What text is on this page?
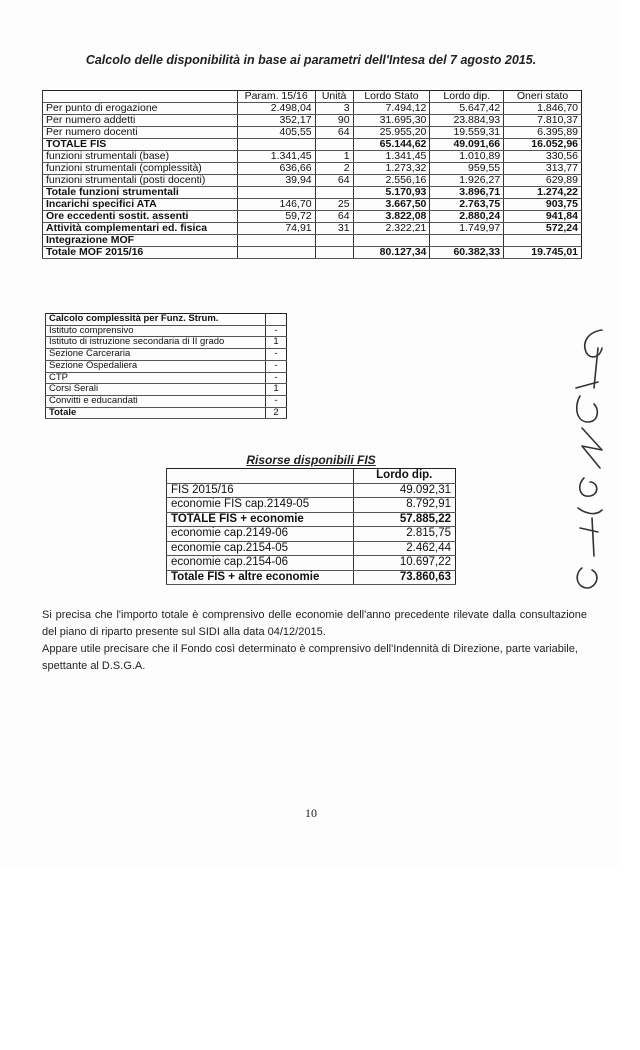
Calcolo delle disponibilità in base ai parametri dell'Intesa del 7 agosto 2015.
	Param. 15/16	Unità	Lordo Stato	Lordo dip.	Oneri stato
Per punto di erogazione	2.498,04	3	7.494,12	5.647,42	1.846,70
Per numero addetti	352,17	90	31.695,30	23.884,93	7.810,37
Per numero docenti	405,55	64	25.955,20	19.559,31	6.395,89
TOTALE FIS			65.144,62	49.091,66	16.052,96
funzioni strumentali (base)	1.341,45	1	1.341,45	1.010,89	330,56
funzioni strumentali (complessità)	636,66	2	1.273,32	959,55	313,77
funzioni strumentali (posti docenti)	39,94	64	2.556,16	1.926,27	629,89
Totale funzioni strumentali			5.170,93	3.896,71	1.274,22
Incarichi specifici ATA	146,70	25	3.667,50	2.763,75	903,75
Ore eccedenti sostit. assenti	59,72	64	3.822,08	2.880,24	941,84
Attività complementari ed. fisica	74,91	31	2.322,21	1.749,97	572,24
Integrazione MOF					
Totale MOF 2015/16			80.127,34	60.382,33	19.745,01
Calcolo complessità per Funz. Strum.	
Istituto comprensivo	-
Istituto di istruzione secondaria di II grado	1
Sezione Carceraria	-
Sezione Ospedaliera	-
CTP	-
Corsi Serali	1
Convitti e educandati	-
Totale	2
Risorse disponibili FIS
	Lordo dip.
FIS 2015/16	49.092,31
economie FIS cap.2149-05	8.792,91
TOTALE FIS + economie	57.885,22
economie cap.2149-06	2.815,75
economie cap.2154-05	2.462,44
economie cap.2154-06	10.697,22
Totale FIS + altre economie	73.860,63
Si precisa che l'importo totale è comprensivo delle economie dell'anno precedente rilevate dalla consultazione del piano di riparto presente sul SIDI alla data 04/12/2015.
Appare utile precisare che il Fondo così determinato è comprensivo dell'Indennità di Direzione, parte variabile, spettante al D.S.G.A.
10
